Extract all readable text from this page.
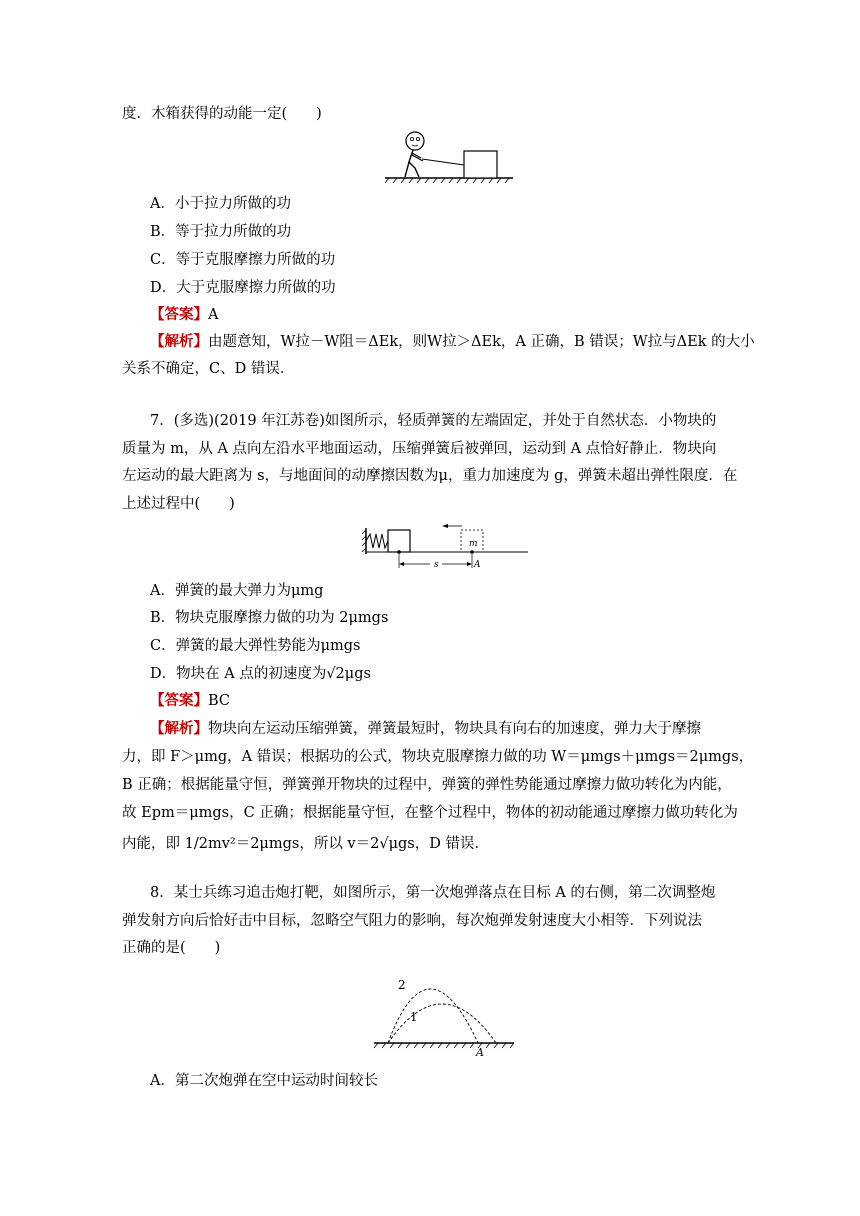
度．木箱获得的动能一定(　　)
A．小于拉力所做的功
B．等于拉力所做的功
C．等于克服摩擦力所做的功
D．大于克服摩擦力所做的功
【答案】A
【解析】由题意知，W拉－W阻＝ΔEk，则W拉＞ΔEk，A 正确，B 错误；W拉与ΔEk 的大小
关系不确定，C、D 错误．
7．(多选)(2019 年江苏卷)如图所示，轻质弹簧的左端固定，并处于自然状态．小物块的
质量为 m，从 A 点向左沿水平地面运动，压缩弹簧后被弹回，运动到 A 点恰好静止．物块向
左运动的最大距离为 s，与地面间的动摩擦因数为μ，重力加速度为 g，弹簧未超出弹性限度．在
上述过程中(　　)
m
s	A
A．弹簧的最大弹力为μmg
B．物块克服摩擦力做的功为 2μmgs
C．弹簧的最大弹性势能为μmgs
D．物块在 A 点的初速度为√2μgs
【答案】BC
【解析】物块向左运动压缩弹簧，弹簧最短时，物块具有向右的加速度，弹力大于摩擦
力，即 F＞μmg，A 错误；根据功的公式，物块克服摩擦力做的功 W＝μmgs＋μmgs＝2μmgs，
B 正确；根据能量守恒，弹簧弹开物块的过程中，弹簧的弹性势能通过摩擦力做功转化为内能，
故 Epm＝μmgs，C 正确；根据能量守恒，在整个过程中，物体的初动能通过摩擦力做功转化为
内能，即 1/2mv²＝2μmgs，所以 v＝2√μgs，D 错误．
8．某士兵练习追击炮打靶，如图所示，第一次炮弹落点在目标 A 的右侧，第二次调整炮
弹发射方向后恰好击中目标，忽略空气阻力的影响，每次炮弹发射速度大小相等．下列说法
正确的是(　　)
2
1
A
A．第二次炮弹在空中运动时间较长
